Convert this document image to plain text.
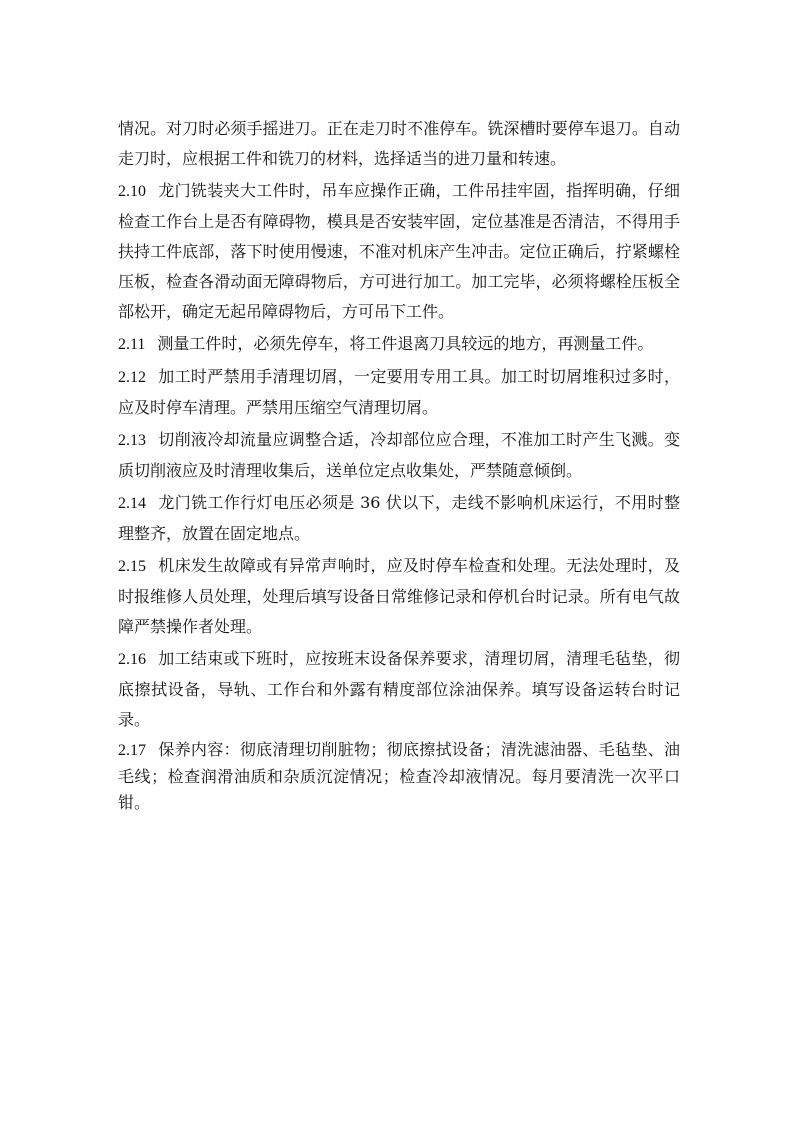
情况。对刀时必须手摇进刀。正在走刀时不准停车。铣深槽时要停车退刀。自动走刀时，应根据工件和铣刀的材料，选择适当的进刀量和转速。

2.10 龙门铣装夹大工件时，吊车应操作正确，工件吊挂牢固，指挥明确，仔细检查工作台上是否有障碍物，模具是否安装牢固，定位基准是否清洁，不得用手扶持工件底部，落下时使用慢速，不准对机床产生冲击。定位正确后，拧紧螺栓压板，检查各滑动面无障碍物后，方可进行加工。加工完毕，必须将螺栓压板全部松开，确定无起吊障碍物后，方可吊下工件。

2.11 测量工件时，必须先停车，将工件退离刀具较远的地方，再测量工件。

2.12 加工时严禁用手清理切屑，一定要用专用工具。加工时切屑堆积过多时，应及时停车清理。严禁用压缩空气清理切屑。

2.13 切削液冷却流量应调整合适，冷却部位应合理，不准加工时产生飞溅。变质切削液应及时清理收集后，送单位定点收集处，严禁随意倾倒。

2.14 龙门铣工作行灯电压必须是 36 伏以下，走线不影响机床运行，不用时整理整齐，放置在固定地点。

2.15 机床发生故障或有异常声响时，应及时停车检查和处理。无法处理时，及时报维修人员处理，处理后填写设备日常维修记录和停机台时记录。所有电气故障严禁操作者处理。

2.16 加工结束或下班时，应按班末设备保养要求，清理切屑，清理毛毡垫，彻底擦拭设备，导轨、工作台和外露有精度部位涂油保养。填写设备运转台时记录。

2.17 保养内容：彻底清理切削脏物；彻底擦拭设备；清洗滤油器、毛毡垫、油毛线；检查润滑油质和杂质沉淀情况；检查冷却液情况。每月要清洗一次平口钳。
